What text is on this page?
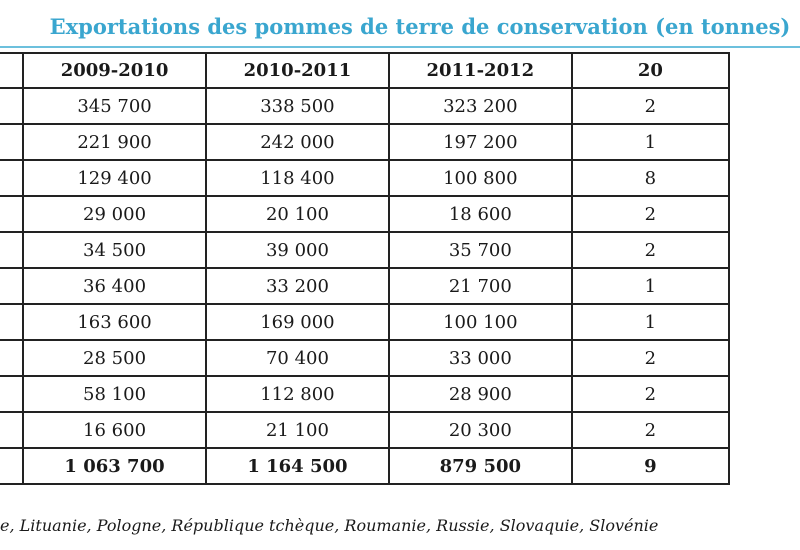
Exportations des pommes de terre de conservation (en tonnes)
	2009-2010	2010-2011	2011-2012	20
	345 700	338 500	323 200	2
	221 900	242 000	197 200	1
	129 400	118 400	100 800	8
	29 000	20 100	18 600	2
	34 500	39 000	35 700	2
	36 400	33 200	21 700	1
	163 600	169 000	100 100	1
	28 500	70 400	33 000	2
	58 100	112 800	28 900	2
	16 600	21 100	20 300	2
	1 063 700	1 164 500	879 500	9
e, Lituanie, Pologne, République tchèque, Roumanie, Russie, Slovaquie, Slovénie
